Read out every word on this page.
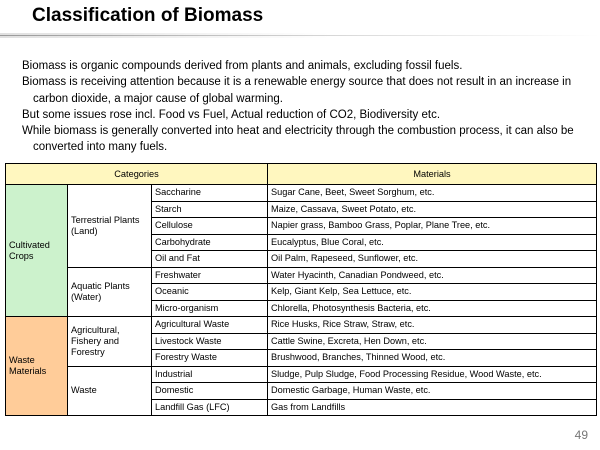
Classification of Biomass

Biomass is organic compounds derived from plants and animals, excluding fossil fuels.

Biomass is receiving attention because it is a renewable energy source that does not result in an increase in carbon dioxide, a major cause of global warming.

But some issues rose incl. Food vs Fuel, Actual reduction of CO2, Biodiversity etc.

While biomass is generally converted into heat and electricity through the combustion process, it can also be converted into many fuels.

Categories			Materials
Cultivated Crops	Terrestrial Plants (Land)	Saccharine	Sugar Cane, Beet, Sweet Sorghum, etc.
		Starch	Maize, Cassava, Sweet Potato, etc.
		Cellulose	Napier grass, Bamboo Grass, Poplar, Plane Tree, etc.
		Carbohydrate	Eucalyptus, Blue Coral, etc.
		Oil and Fat	Oil Palm, Rapeseed, Sunflower, etc.
	Aquatic Plants (Water)	Freshwater	Water Hyacinth, Canadian Pondweed, etc.
		Oceanic	Kelp, Giant Kelp, Sea Lettuce, etc.
		Micro-organism	Chlorella, Photosynthesis Bacteria, etc.
Waste Materials	Agricultural, Fishery and Forestry	Agricultural Waste	Rice Husks, Rice Straw, Straw, etc.
		Livestock Waste	Cattle Swine, Excreta, Hen Down, etc.
		Forestry Waste	Brushwood, Branches, Thinned Wood, etc.
	Waste	Industrial	Sludge, Pulp Sludge, Food Processing Residue, Wood Waste, etc.
		Domestic	Domestic Garbage, Human Waste, etc.
		Landfill Gas (LFC)	Gas from Landfills
49
